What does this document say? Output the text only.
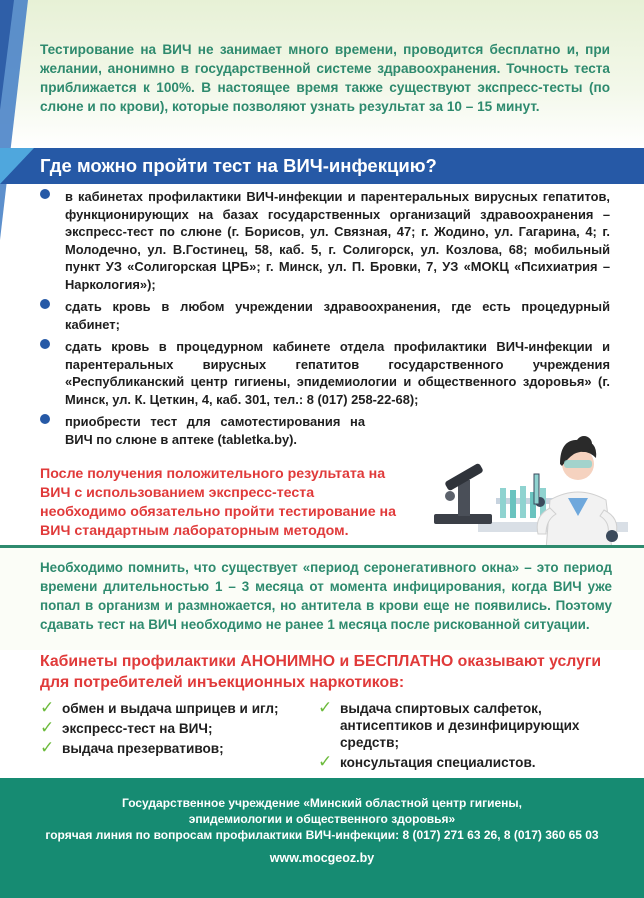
Тестирование на ВИЧ не занимает много времени, проводится бесплатно и, при желании, анонимно в государственной системе здравоохранения. Точность теста приближается к 100%. В настоящее время также существуют экспресс-тесты (по слюне и по крови), которые позволяют узнать результат за 10 – 15 минут.
Где можно пройти тест на ВИЧ-инфекцию?
в кабинетах профилактики ВИЧ-инфекции и парентеральных вирусных гепатитов, функционирующих на базах государственных организаций здравоохранения – экспресс-тест по слюне (г. Борисов, ул. Связная, 47; г. Жодино, ул. Гагарина, 4; г. Молодечно, ул. В.Гостинец, 58, каб. 5, г. Солигорск, ул. Козлова, 68; мобильный пункт УЗ «Солигорская ЦРБ»; г. Минск, ул. П. Бровки, 7, УЗ «МОКЦ «Психиатрия –Наркология»);
сдать кровь в любом учреждении здравоохранения, где есть процедурный кабинет;
сдать кровь в процедурном кабинете отдела профилактики ВИЧ-инфекции и парентеральных вирусных гепатитов государственного учреждения «Республиканский центр гигиены, эпидемиологии и общественного здоровья» (г. Минск, ул. К. Цеткин, 4, каб. 301, тел.: 8 (017) 258-22-68);
приобрести тест для самотестирования на ВИЧ по слюне в аптеке (tabletka.by).
После получения положительного результата на ВИЧ с использованием экспресс-теста необходимо обязательно пройти тестирование на ВИЧ стандартным лабораторным методом.
Необходимо помнить, что существует «период серонегативного окна» – это период времени длительностью 1 – 3 месяца от момента инфицирования, когда ВИЧ уже попал в организм и размножается, но антитела в крови еще не появились. Поэтому сдавать тест на ВИЧ необходимо не ранее 1 месяца после рискованной ситуации.
Кабинеты профилактики АНОНИМНО и БЕСПЛАТНО оказывают услуги для потребителей инъекционных наркотиков:
✓ обмен и выдача шприцев и игл;
✓ экспресс-тест на ВИЧ;
✓ выдача презервативов;
✓ выдача спиртовых салфеток, антисептиков и дезинфицирующих средств;
✓ консультация специалистов.
Государственное учреждение «Минский областной центр гигиены,
эпидемиологии и общественного здоровья»
горячая линия по вопросам профилактики ВИЧ-инфекции: 8 (017) 271 63 26, 8 (017) 360 65 03
www.mocgeoz.by
